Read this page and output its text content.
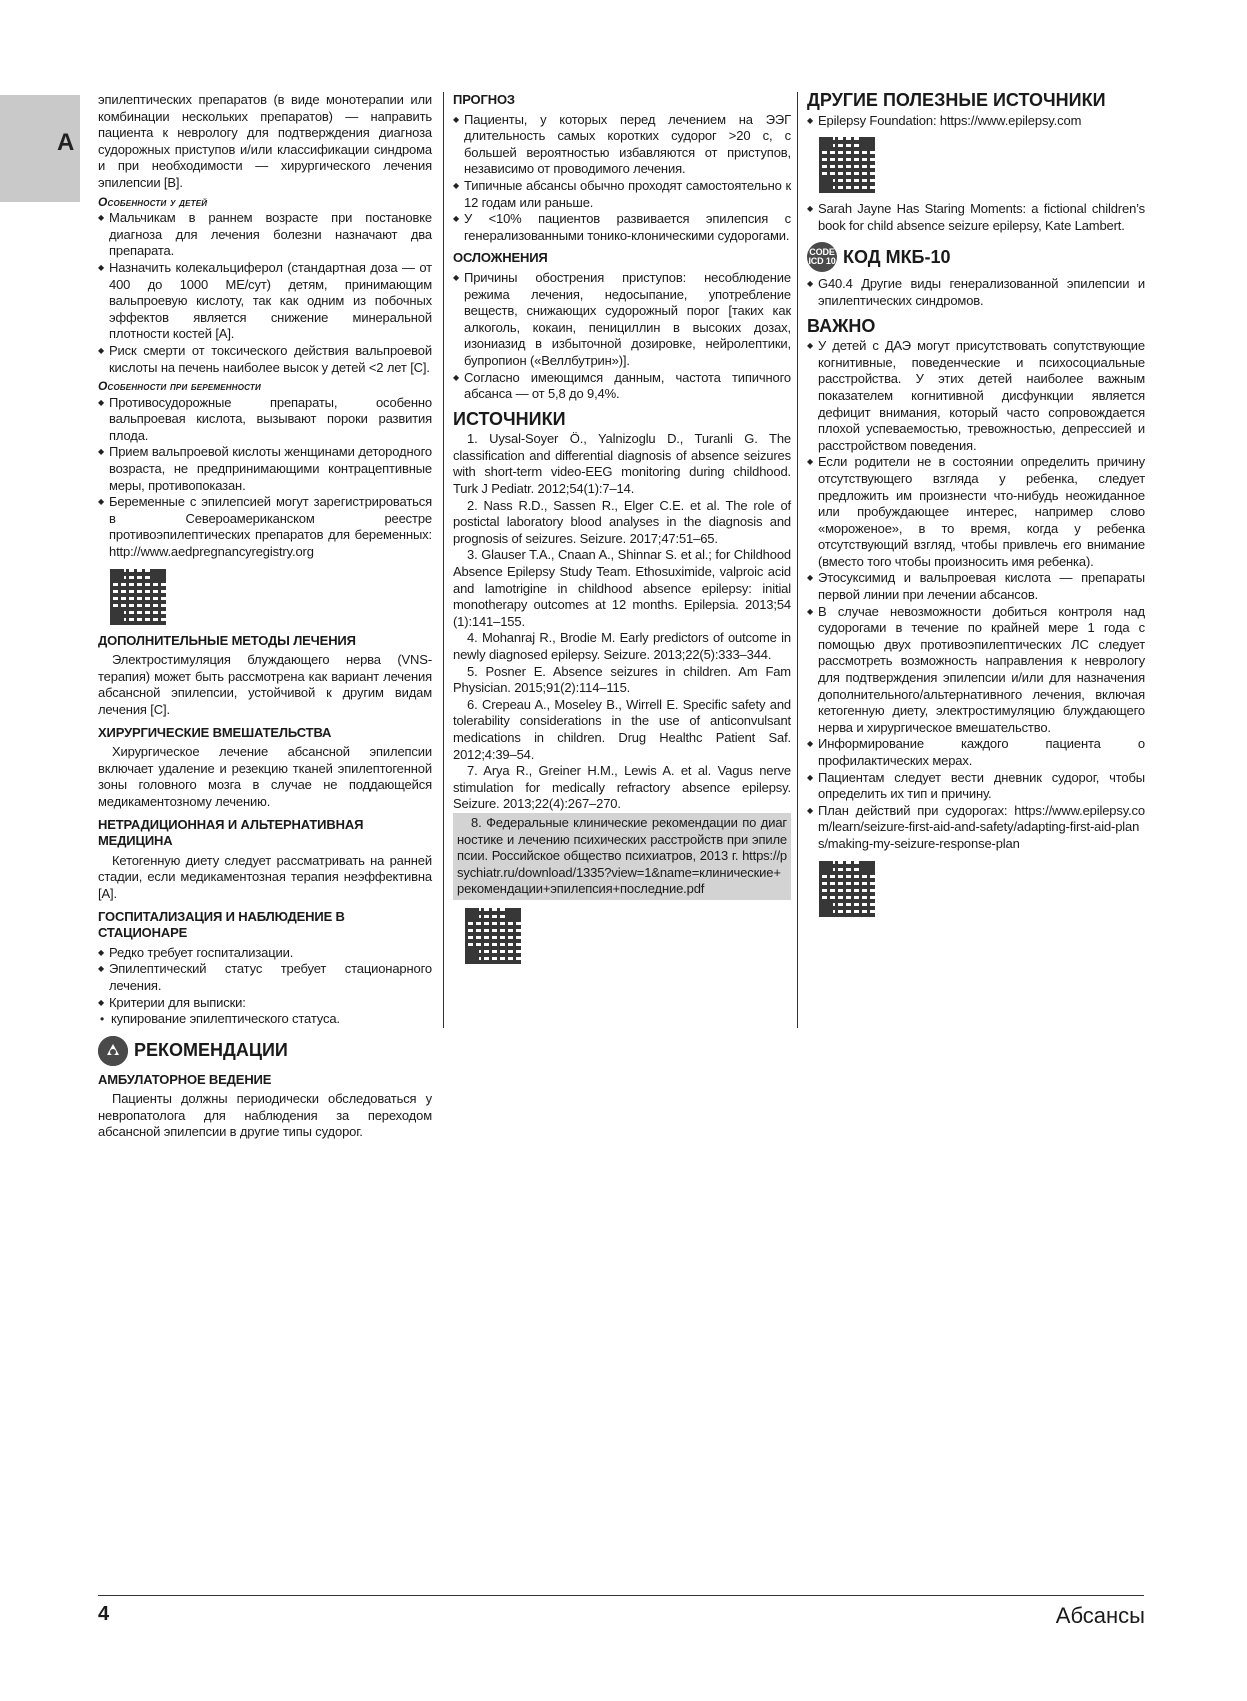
A

эпилептических препаратов (в виде монотерапии или комбинации нескольких препаратов) — направить пациента к неврологу для подтверждения диагноза судорожных приступов и/или классификации синдрома и при необходимости — хирургического лечения эпилепсии [B].

Особенности у детей
◆ Мальчикам в раннем возрасте при постановке диагноза для лечения болезни назначают два препарата.
◆ Назначить колекальциферол (стандартная доза — от 400 до 1000 МЕ/сут) детям, принимающим вальпроевую кислоту, так как одним из побочных эффектов является снижение минеральной плотности костей [A].
◆ Риск смерти от токсического действия вальпроевой кислоты на печень наиболее высок у детей <2 лет [C].
Особенности при беременности
◆ Противосудорожные препараты, особенно вальпроевая кислота, вызывают пороки развития плода.
◆ Прием вальпроевой кислоты женщинами детородного возраста, не предпринимающими контрацептивные меры, противопоказан.
◆ Беременные с эпилепсией могут зарегистрироваться в Североамериканском реестре противоэпилептических препаратов для беременных: http://www.aedpregnancyregistry.org
ДОПОЛНИТЕЛЬНЫЕ МЕТОДЫ ЛЕЧЕНИЯ

Электростимуляция блуждающего нерва (VNS-терапия) может быть рассмотрена как вариант лечения абсансной эпилепсии, устойчивой к другим видам лечения [C].

ХИРУРГИЧЕСКИЕ ВМЕШАТЕЛЬСТВА

Хирургическое лечение абсансной эпилепсии включает удаление и резекцию тканей эпилептогенной зоны головного мозга в случае не поддающейся медикаментозному лечению.

НЕТРАДИЦИОННАЯ И АЛЬТЕРНАТИВНАЯ МЕДИЦИНА

Кетогенную диету следует рассматривать на ранней стадии, если медикаментозная терапия неэффективна [A].

ГОСПИТАЛИЗАЦИЯ И НАБЛЮДЕНИЕ В СТАЦИОНАРЕ
◆ Редко требует госпитализации.
◆ Эпилептический статус требует стационарного лечения.
◆ Критерии для выписки:
• купирование эпилептического статуса.
РЕКОМЕНДАЦИИ
АМБУЛАТОРНОЕ ВЕДЕНИЕ

Пациенты должны периодически обследоваться у невропатолога для наблюдения за переходом абсансной эпилепсии в другие типы судорог.

ПРОГНОЗ
◆ Пациенты, у которых перед лечением на ЭЭГ длительность самых коротких судорог >20 с, с большей вероятностью избавляются от приступов, независимо от проводимого лечения.
◆ Типичные абсансы обычно проходят самостоятельно к 12 годам или раньше.
◆ У <10% пациентов развивается эпилепсия с генерализованными тонико-клоническими судорогами.
ОСЛОЖНЕНИЯ
◆ Причины обострения приступов: несоблюдение режима лечения, недосыпание, употребление веществ, снижающих судорожный порог [таких как алкоголь, кокаин, пенициллин в высоких дозах, изониазид в избыточной дозировке, нейролептики, бупропион («Веллбутрин»)].
◆ Согласно имеющимся данным, частота типичного абсанса — от 5,8 до 9,4%.
ИСТОЧНИКИ

1. Uysal-Soyer Ö., Yalnizoglu D., Turanli G. The classification and differential diagnosis of absence seizures with short-term video-EEG monitoring during childhood. Turk J Pediatr. 2012;54(1):7–14.

2. Nass R.D., Sassen R., Elger C.E. et al. The role of postictal laboratory blood analyses in the diagnosis and prognosis of seizures. Seizure. 2017;47:51–65.

3. Glauser T.A., Cnaan A., Shinnar S. et al.; for Childhood Absence Epilepsy Study Team. Ethosuximide, valproic acid and lamotrigine in childhood absence epilepsy: initial monotherapy outcomes at 12 months. Epilepsia. 2013;54 (1):141–155.

4. Mohanraj R., Brodie M. Early predictors of outcome in newly diagnosed epilepsy. Seizure. 2013;22(5):333–344.

5. Posner E. Absence seizures in children. Am Fam Physician. 2015;91(2):114–115.

6. Crepeau A., Moseley B., Wirrell E. Specific safety and tolerability considerations in the use of anticonvulsant medications in children. Drug Healthc Patient Saf. 2012;4:39–54.

7. Arya R., Greiner H.M., Lewis A. et al. Vagus nerve stimulation for medically refractory absence epilepsy. Seizure. 2013;22(4):267–270.

8. Федеральные клинические рекомендации по диагностике и лечению психических расстройств при эпилепсии. Российское общество психиатров, 2013 г. https://psychiatr.ru/download/1335?view=1&name=клинические+рекомендации+эпилепсия+последние.pdf

ДРУГИЕ ПОЛЕЗНЫЕ ИСТОЧНИКИ
◆ Epilepsy Foundation: https://www.epilepsy.com
◆ Sarah Jayne Has Staring Moments: a fictional children’s book for child absence seizure epilepsy, Kate Lambert.
CODE ICD 10 КОД МКБ-10
◆ G40.4 Другие виды генерализованной эпилепсии и эпилептических синдромов.
ВАЖНО
◆ У детей с ДАЭ могут присутствовать сопутствующие когнитивные, поведенческие и психосоциальные расстройства. У этих детей наиболее важным показателем когнитивной дисфункции является дефицит внимания, который часто сопровождается плохой успеваемостью, тревожностью, депрессией и расстройством поведения.
◆ Если родители не в состоянии определить причину отсутствующего взгляда у ребенка, следует предложить им произнести что-нибудь неожиданное или пробуждающее интерес, например слово «мороженое», в то время, когда у ребенка отсутствующий взгляд, чтобы привлечь его внимание (вместо того чтобы произносить имя ребенка).
◆ Этосуксимид и вальпроевая кислота — препараты первой линии при лечении абсансов.
◆ В случае невозможности добиться контроля над судорогами в течение по крайней мере 1 года с помощью двух противоэпилептических ЛС следует рассмотреть возможность направления к неврологу для подтверждения эпилепсии и/или для назначения дополнительного/альтернативного лечения, включая кетогенную диету, электростимуляцию блуждающего нерва и хирургическое вмешательство.
◆ Информирование каждого пациента о профилактических мерах.
◆ Пациентам следует вести дневник судорог, чтобы определить их тип и причину.
◆ План действий при судорогах: https://www.epilepsy.com/learn/seizure-first-aid-and-safety/adapting-first-aid-plans/making-my-seizure-response-plan
4	Абсансы
